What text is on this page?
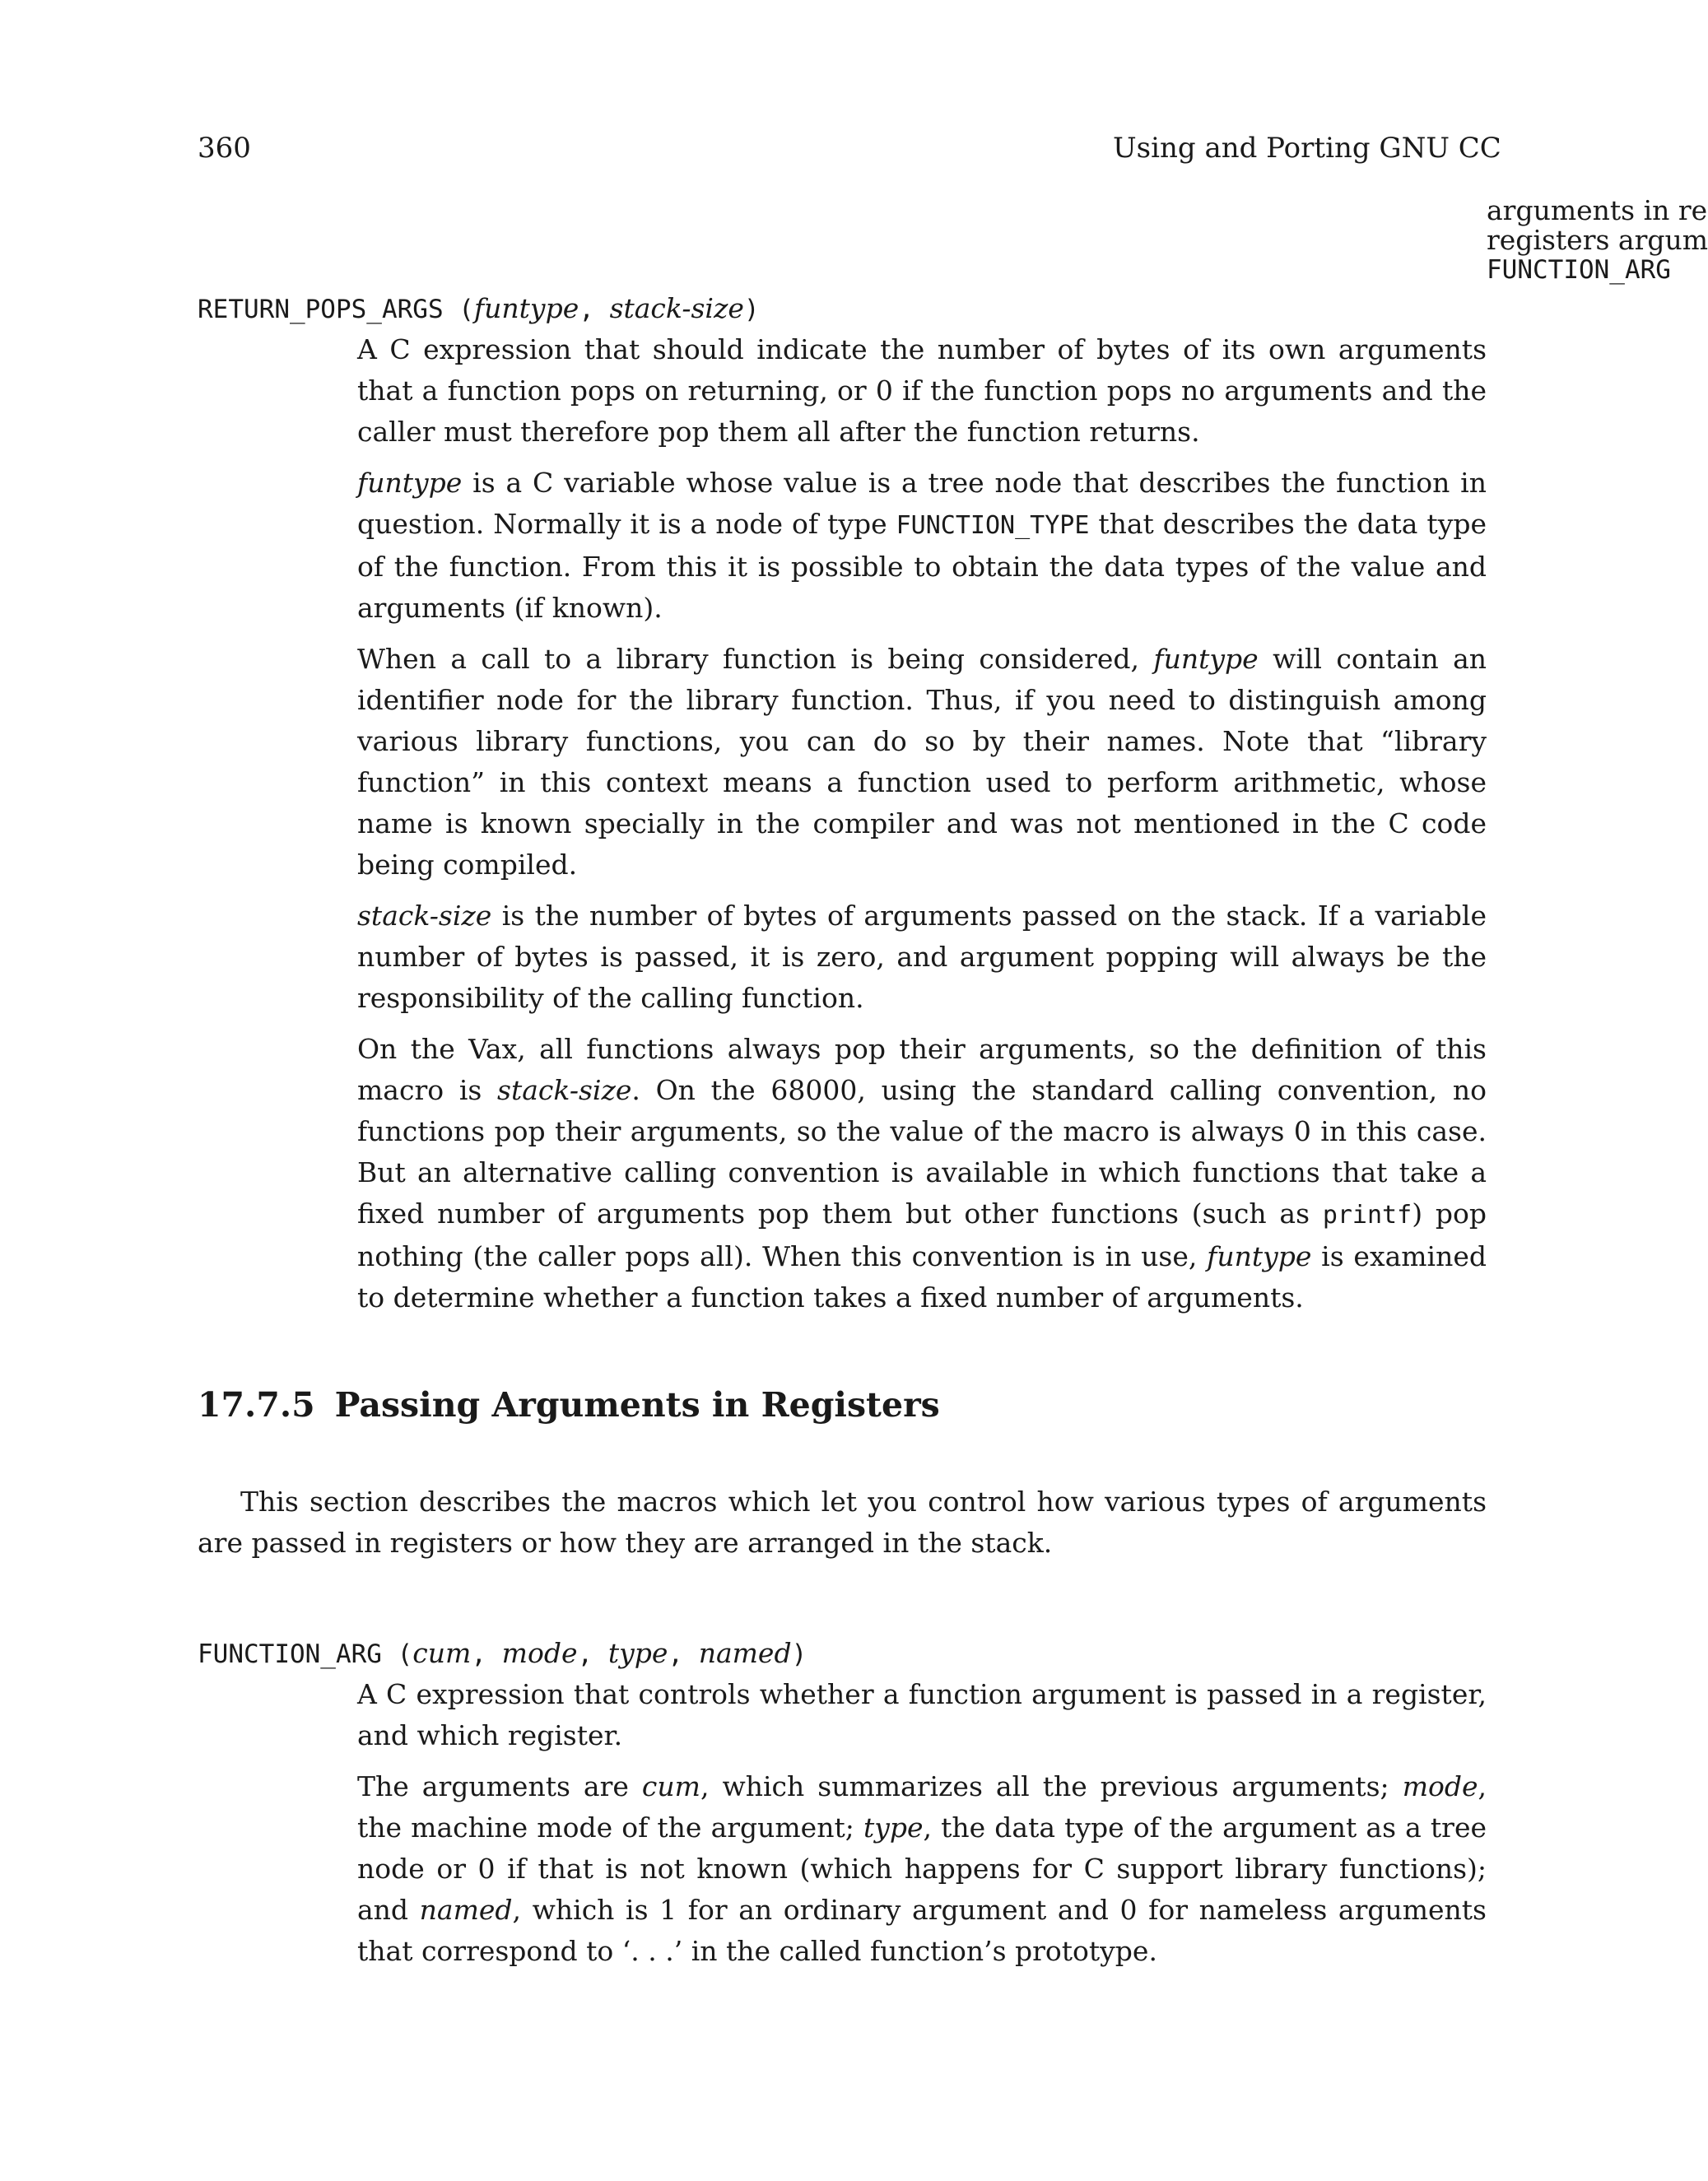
360	Using and Porting GNU CC
arguments in re
registers argum
FUNCTION_ARG
RETURN_POPS_ARGS (funtype, stack-size)

A C expression that should indicate the number of bytes of its own arguments that a function pops on returning, or 0 if the function pops no arguments and the caller must therefore pop them all after the function returns.

funtype is a C variable whose value is a tree node that describes the function in question. Normally it is a node of type FUNCTION_TYPE that describes the data type of the function. From this it is possible to obtain the data types of the value and arguments (if known).

When a call to a library function is being considered, funtype will contain an identifier node for the library function. Thus, if you need to distinguish among various library functions, you can do so by their names. Note that “library function” in this context means a function used to perform arithmetic, whose name is known specially in the compiler and was not mentioned in the C code being compiled.

stack-size is the number of bytes of arguments passed on the stack. If a variable number of bytes is passed, it is zero, and argument popping will always be the responsibility of the calling function.

On the Vax, all functions always pop their arguments, so the definition of this macro is stack-size. On the 68000, using the standard calling convention, no functions pop their arguments, so the value of the macro is always 0 in this case. But an alternative calling convention is available in which functions that take a fixed number of arguments pop them but other functions (such as printf) pop nothing (the caller pops all). When this convention is in use, funtype is examined to determine whether a function takes a fixed number of arguments.

17.7.5 Passing Arguments in Registers
This section describes the macros which let you control how various types of arguments are passed in registers or how they are arranged in the stack.
FUNCTION_ARG (cum, mode, type, named)

A C expression that controls whether a function argument is passed in a register, and which register.

The arguments are cum, which summarizes all the previous arguments; mode, the machine mode of the argument; type, the data type of the argument as a tree node or 0 if that is not known (which happens for C support library functions); and named, which is 1 for an ordinary argument and 0 for nameless arguments that correspond to ‘. . .’ in the called function’s prototype.
